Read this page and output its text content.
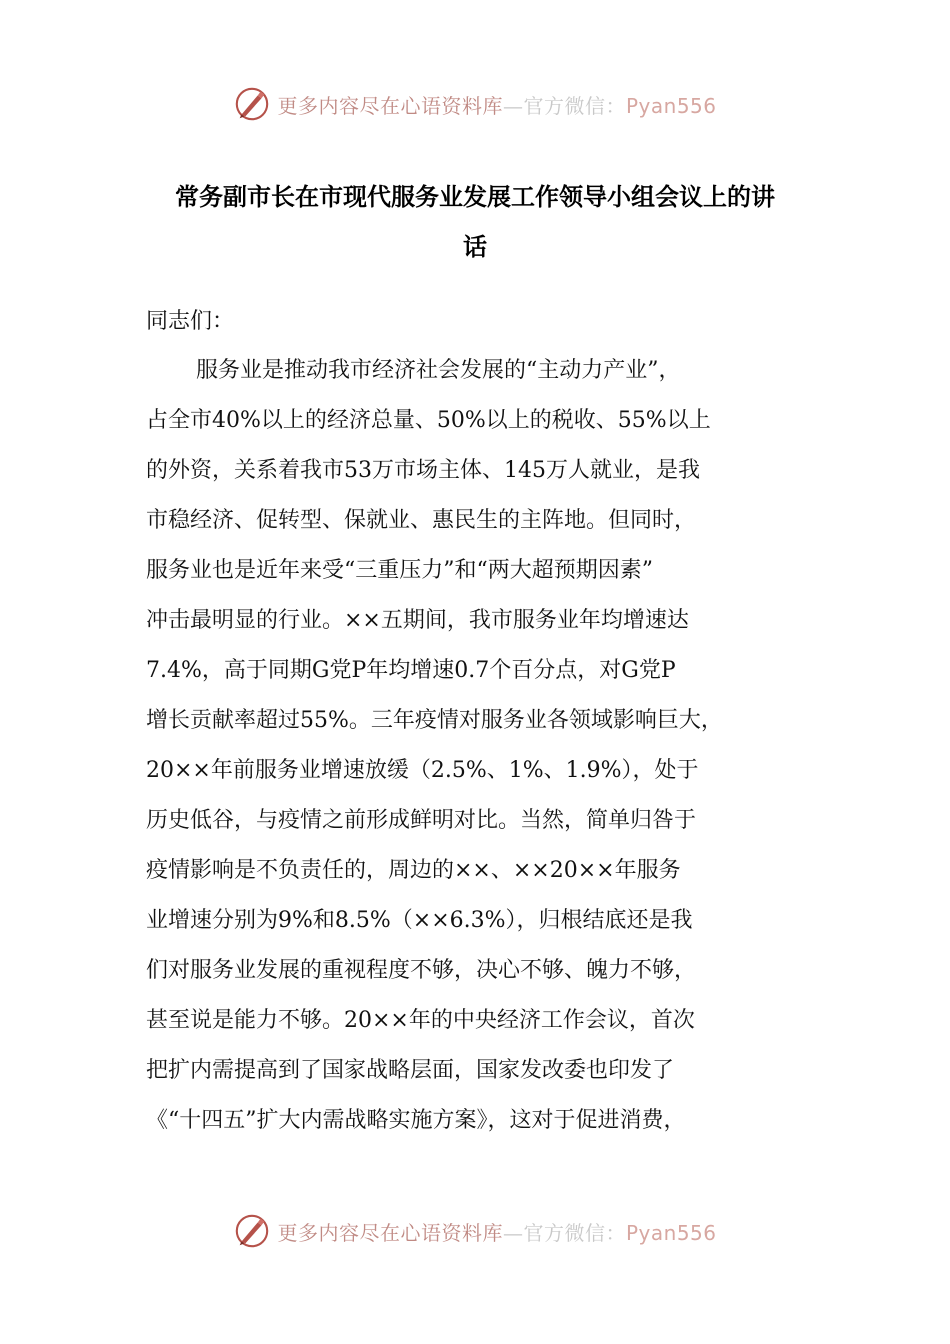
更多内容尽在心语资料库—官方微信：Pyan556
常务副市长在市现代服务业发展工作领导小组会议上的讲
话
同志们：
服务业是推动我市经济社会发展的“主动力产业”，
占全市40%以上的经济总量、50%以上的税收、55%以上
的外资，关系着我市53万市场主体、145万人就业，是我
市稳经济、促转型、保就业、惠民生的主阵地。但同时，
服务业也是近年来受“三重压力”和“两大超预期因素”
冲击最明显的行业。××五期间，我市服务业年均增速达
7.4%，高于同期G党P年均增速0.7个百分点，对G党P
增长贡献率超过55%。三年疫情对服务业各领域影响巨大，
20××年前服务业增速放缓（2.5%、1%、1.9%），处于
历史低谷，与疫情之前形成鲜明对比。当然，简单归咎于
疫情影响是不负责任的，周边的××、××20××年服务
业增速分别为9%和8.5%（××6.3%），归根结底还是我
们对服务业发展的重视程度不够，决心不够、魄力不够，
甚至说是能力不够。20××年的中央经济工作会议，首次
把扩内需提高到了国家战略层面，国家发改委也印发了
《“十四五”扩大内需战略实施方案》，这对于促进消费，
更多内容尽在心语资料库—官方微信：Pyan556
